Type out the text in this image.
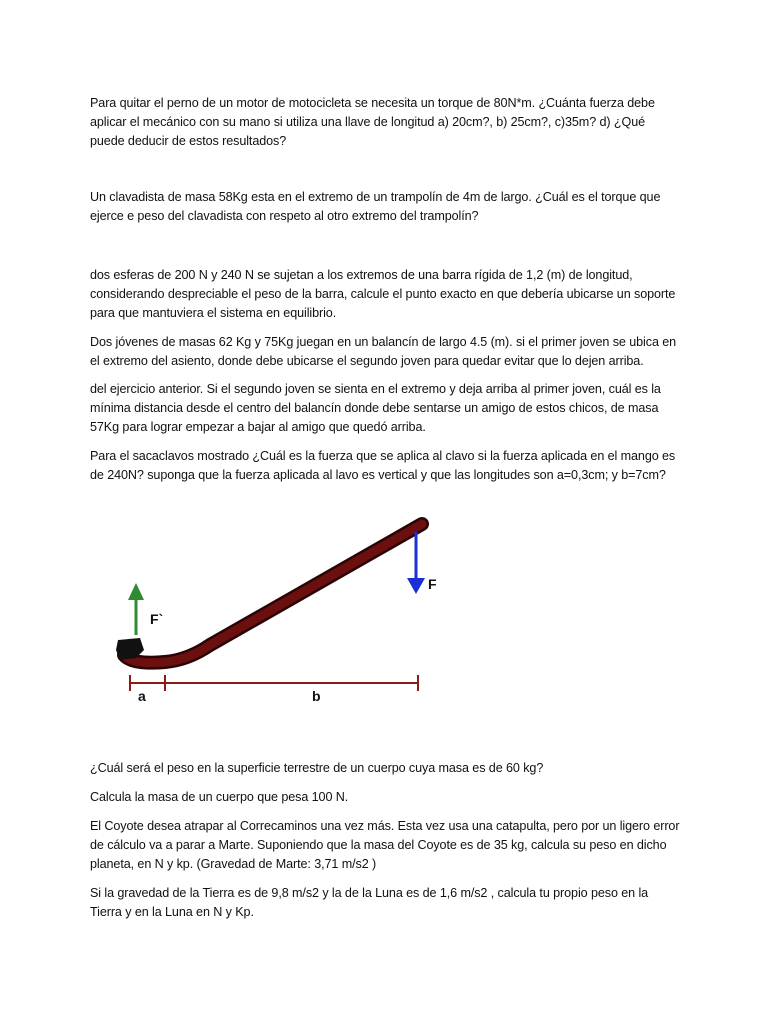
Para quitar el perno de un motor de motocicleta se necesita un torque de 80N*m. ¿Cuánta fuerza debe aplicar el mecánico con su mano si utiliza una llave de longitud a) 20cm?, b) 25cm?, c)35m? d) ¿Qué puede deducir de estos resultados?

Un clavadista de masa 58Kg esta en el extremo de un trampolín de 4m de largo. ¿Cuál es el torque que ejerce e peso del clavadista con respeto al otro extremo del trampolín?

dos esferas de 200 N y 240 N se sujetan a los extremos de una barra rígida de 1,2 (m) de longitud, considerando despreciable el peso de la barra, calcule el punto exacto en que debería ubicarse un soporte para que mantuviera el sistema en equilibrio.

Dos jóvenes de masas 62 Kg y 75Kg juegan en un balancín de largo 4.5 (m). si el primer joven se ubica en el extremo del asiento, donde debe ubicarse el segundo joven para quedar evitar que lo dejen arriba.

del ejercicio anterior. Si el segundo joven se sienta en el extremo y deja arriba al primer joven, cuál es la mínima distancia desde el centro del balancín donde debe sentarse un amigo de estos chicos, de masa 57Kg para lograr empezar a bajar al amigo que quedó arriba.

Para el sacaclavos mostrado ¿Cuál es la fuerza que se aplica al clavo si la fuerza aplicada en el mango es de 240N? suponga que la fuerza aplicada al lavo es vertical y que las longitudes son a=0,3cm; y b=7cm?

F`
F
a	b

¿Cuál será el peso en la superficie terrestre de un cuerpo cuya masa es de 60 kg?

Calcula la masa de un cuerpo que pesa 100 N.

El Coyote desea atrapar al Correcaminos una vez más. Esta vez usa una catapulta, pero por un ligero error de cálculo va a parar a Marte. Suponiendo que la masa del Coyote es de 35 kg, calcula su peso en dicho planeta, en N y kp. (Gravedad de Marte: 3,71 m/s2 )

Si la gravedad de la Tierra es de 9,8 m/s2 y la de la Luna es de 1,6 m/s2 , calcula tu propio peso en la Tierra y en la Luna en N y Kp.
